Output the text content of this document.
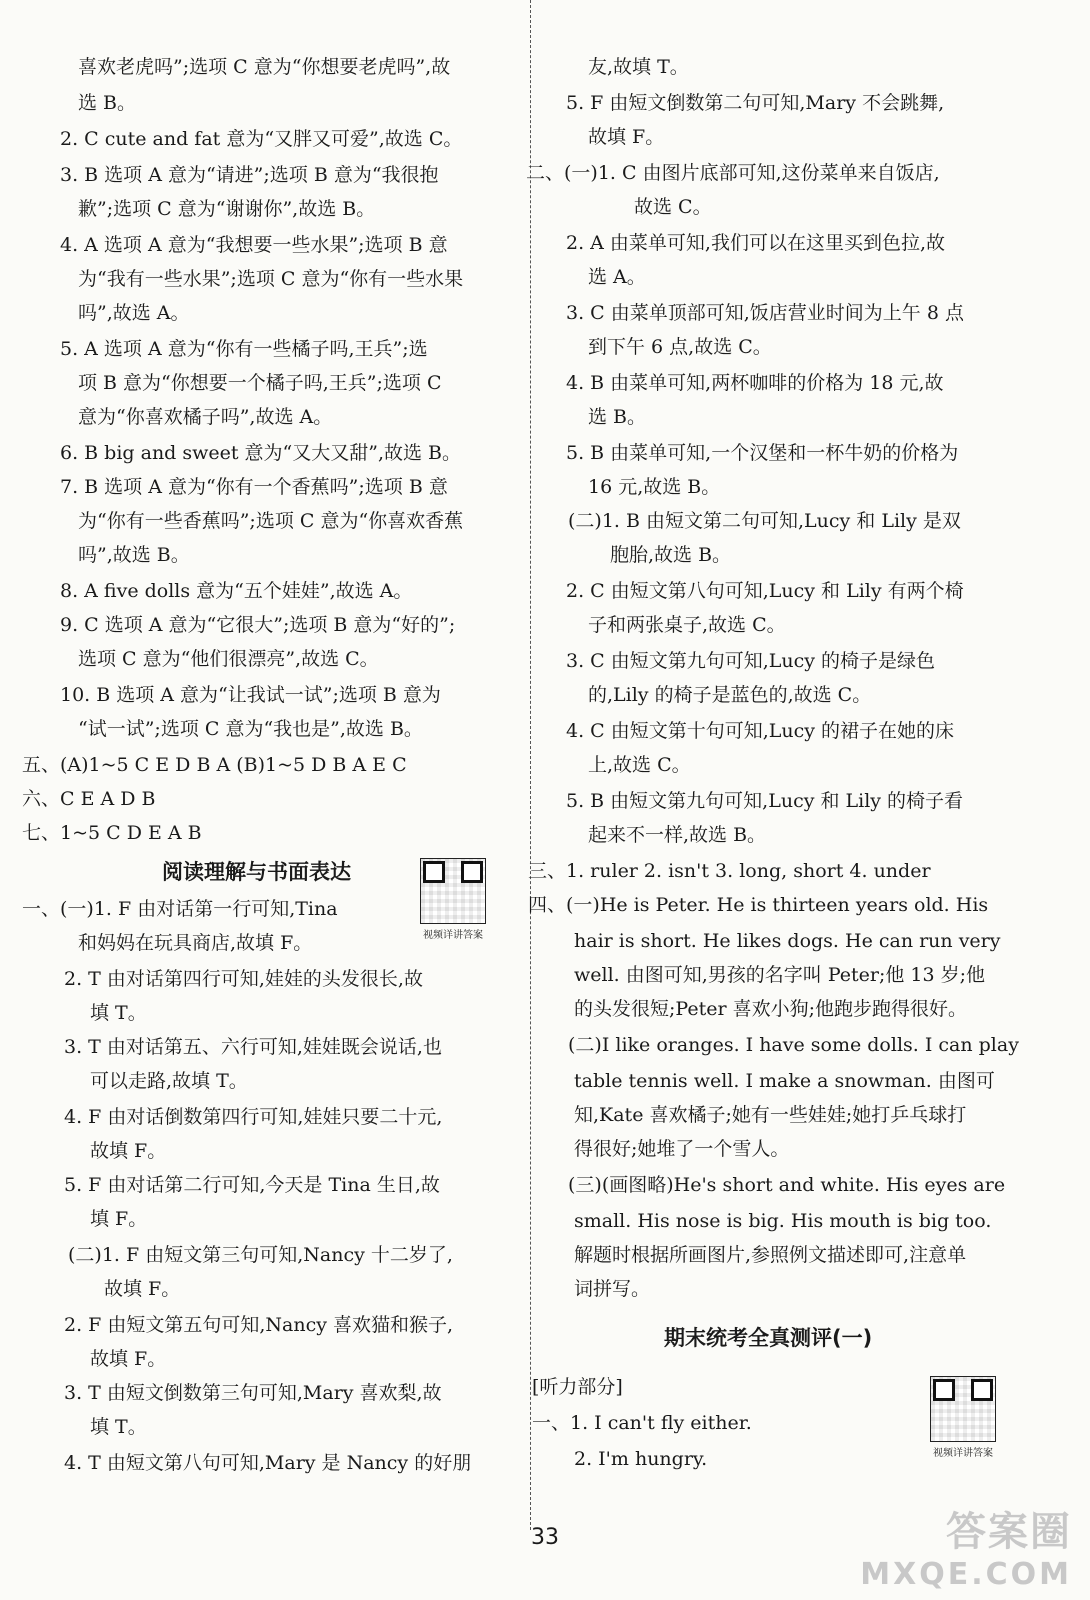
喜欢老虎吗”;选项 C 意为“你想要老虎吗”,故
选 B。
2. C cute and fat 意为“又胖又可爱”,故选 C。
3. B 选项 A 意为“请进”;选项 B 意为“我很抱
歉”;选项 C 意为“谢谢你”,故选 B。
4. A 选项 A 意为“我想要一些水果”;选项 B 意
为“我有一些水果”;选项 C 意为“你有一些水果
吗”,故选 A。
5. A 选项 A 意为“你有一些橘子吗,王兵”;选
项 B 意为“你想要一个橘子吗,王兵”;选项 C
意为“你喜欢橘子吗”,故选 A。
6. B big and sweet 意为“又大又甜”,故选 B。
7. B 选项 A 意为“你有一个香蕉吗”;选项 B 意
为“你有一些香蕉吗”;选项 C 意为“你喜欢香蕉
吗”,故选 B。
8. A five dolls 意为“五个娃娃”,故选 A。
9. C 选项 A 意为“它很大”;选项 B 意为“好的”;
选项 C 意为“他们很漂亮”,故选 C。
10. B 选项 A 意为“让我试一试”;选项 B 意为
“试一试”;选项 C 意为“我也是”,故选 B。
五、(A)1~5 C E D B A (B)1~5 D B A E C
六、C E A D B
七、1~5 C D E A B
阅读理解与书面表达
视频详讲答案
一、(一)1. F 由对话第一行可知,Tina
和妈妈在玩具商店,故填 F。
2. T 由对话第四行可知,娃娃的头发很长,故
填 T。
3. T 由对话第五、六行可知,娃娃既会说话,也
可以走路,故填 T。
4. F 由对话倒数第四行可知,娃娃只要二十元,
故填 F。
5. F 由对话第二行可知,今天是 Tina 生日,故
填 F。
(二)1. F 由短文第三句可知,Nancy 十二岁了,
故填 F。
2. F 由短文第五句可知,Nancy 喜欢猫和猴子,
故填 F。
3. T 由短文倒数第三句可知,Mary 喜欢梨,故
填 T。
4. T 由短文第八句可知,Mary 是 Nancy 的好朋
友,故填 T。
5. F 由短文倒数第二句可知,Mary 不会跳舞,
故填 F。
二、(一)1. C 由图片底部可知,这份菜单来自饭店,
故选 C。
2. A 由菜单可知,我们可以在这里买到色拉,故
选 A。
3. C 由菜单顶部可知,饭店营业时间为上午 8 点
到下午 6 点,故选 C。
4. B 由菜单可知,两杯咖啡的价格为 18 元,故
选 B。
5. B 由菜单可知,一个汉堡和一杯牛奶的价格为
16 元,故选 B。
(二)1. B 由短文第二句可知,Lucy 和 Lily 是双
胞胎,故选 B。
2. C 由短文第八句可知,Lucy 和 Lily 有两个椅
子和两张桌子,故选 C。
3. C 由短文第九句可知,Lucy 的椅子是绿色
的,Lily 的椅子是蓝色的,故选 C。
4. C 由短文第十句可知,Lucy 的裙子在她的床
上,故选 C。
5. B 由短文第九句可知,Lucy 和 Lily 的椅子看
起来不一样,故选 B。
三、1. ruler 2. isn't 3. long, short 4. under
四、(一)He is Peter. He is thirteen years old. His
hair is short. He likes dogs. He can run very
well. 由图可知,男孩的名字叫 Peter;他 13 岁;他
的头发很短;Peter 喜欢小狗;他跑步跑得很好。
(二)I like oranges. I have some dolls. I can play
table tennis well. I make a snowman. 由图可
知,Kate 喜欢橘子;她有一些娃娃;她打乒乓球打
得很好;她堆了一个雪人。
(三)(画图略)He's short and white. His eyes are
small. His nose is big. His mouth is big too.
解题时根据所画图片,参照例文描述即可,注意单
词拼写。
期末统考全真测评(一)
[听力部分]
视频详讲答案
一、1. I can't fly either.
2. I'm hungry.
33	答案圈
MXQE.COM
